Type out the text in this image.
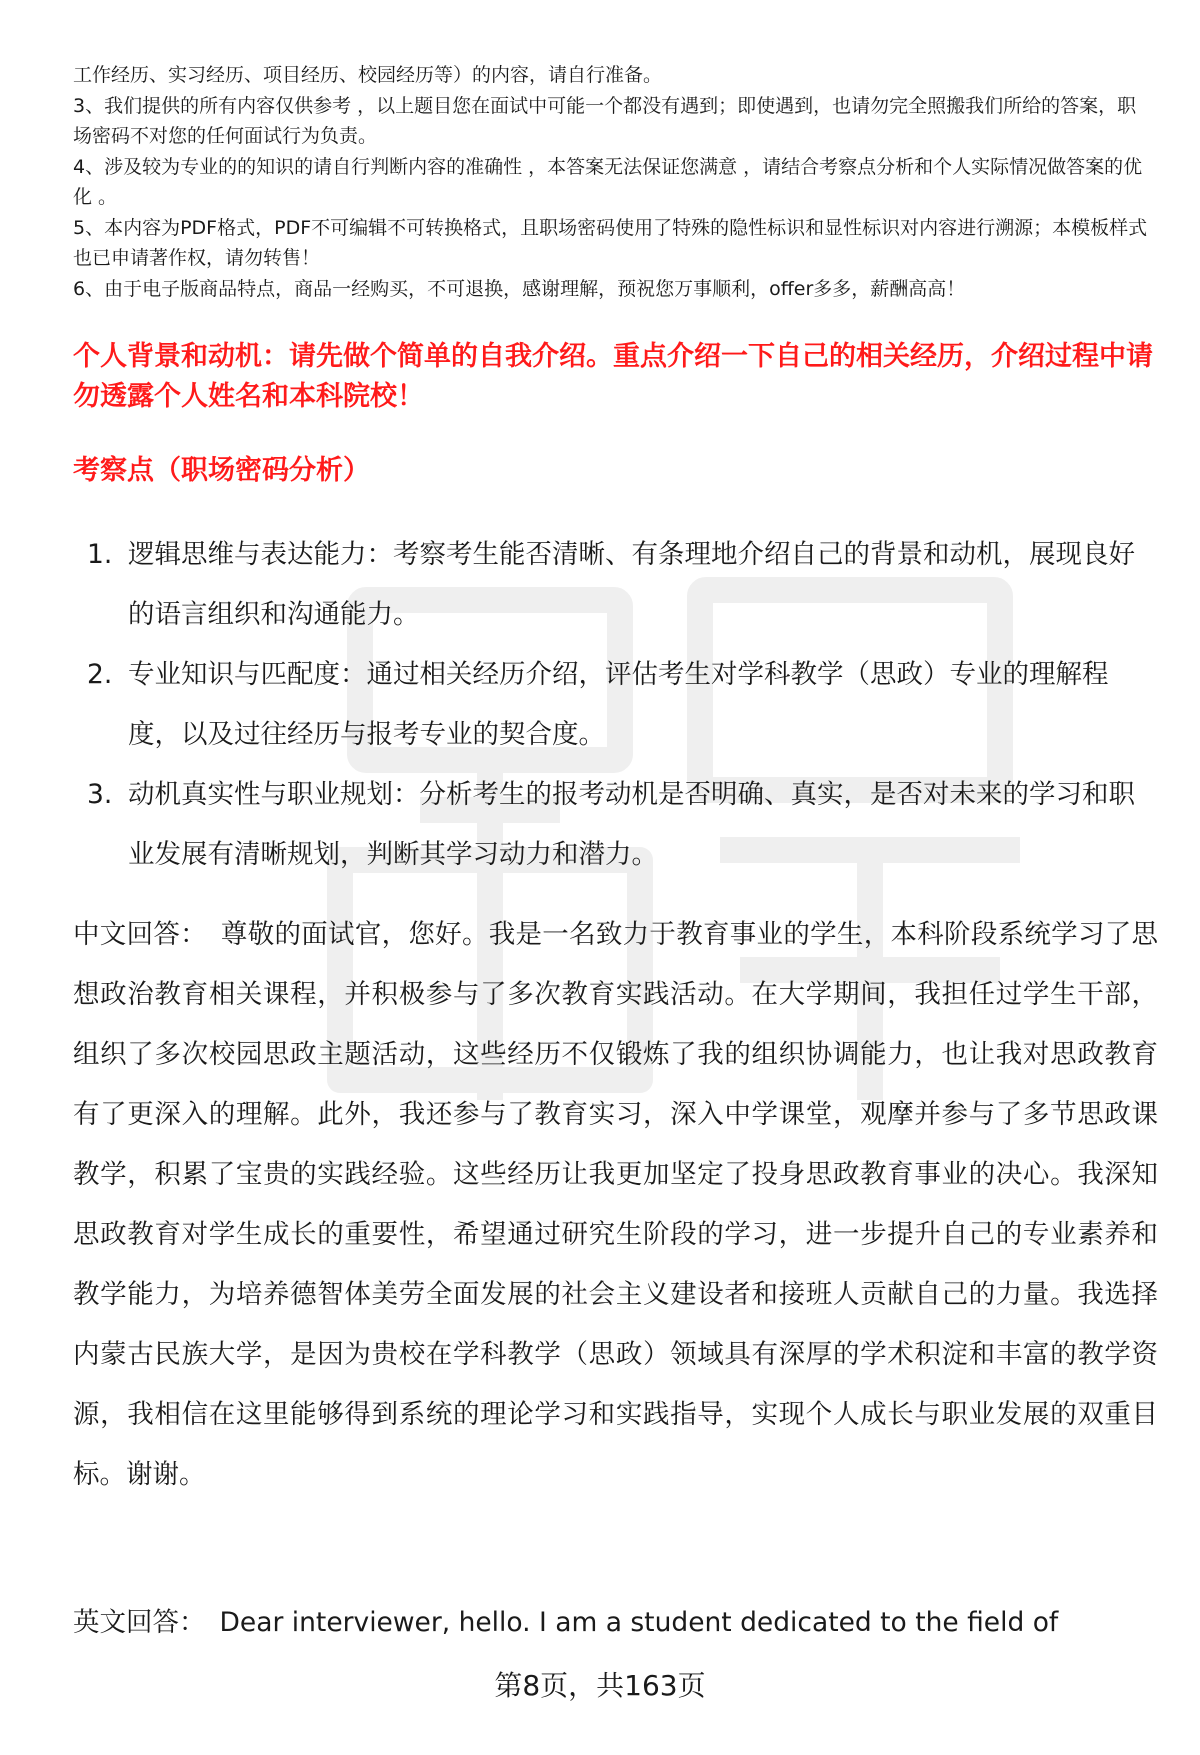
工作经历、实习经历、项目经历、校园经历等）的内容，请自行准备。

3、我们提供的所有内容仅供参考 ，以上题目您在面试中可能一个都没有遇到；即使遇到，也请勿完全照搬我们所给的答案，职场密码不对您的任何面试行为负责。

4、涉及较为专业的的知识的请自行判断内容的准确性 ，本答案无法保证您满意 ，请结合考察点分析和个人实际情况做答案的优化 。

5、本内容为PDF格式，PDF不可编辑不可转换格式，且职场密码使用了特殊的隐性标识和显性标识对内容进行溯源；本模板样式也已申请著作权，请勿转售！

6、由于电子版商品特点，商品一经购买，不可退换，感谢理解，预祝您万事顺利，offer多多，薪酬高高！

个人背景和动机：请先做个简单的自我介绍。重点介绍一下自己的相关经历，介绍过程中请勿透露个人姓名和本科院校！
考察点（职场密码分析）
1. 逻辑思维与表达能力：考察考生能否清晰、有条理地介绍自己的背景和动机，展现良好的语言组织和沟通能力。
2. 专业知识与匹配度：通过相关经历介绍，评估考生对学科教学（思政）专业的理解程度，以及过往经历与报考专业的契合度。
3. 动机真实性与职业规划：分析考生的报考动机是否明确、真实，是否对未来的学习和职业发展有清晰规划，判断其学习动力和潜力。

中文回答： 尊敬的面试官，您好。我是一名致力于教育事业的学生，本科阶段系统学习了思想政治教育相关课程，并积极参与了多次教育实践活动。在大学期间，我担任过学生干部，组织了多次校园思政主题活动，这些经历不仅锻炼了我的组织协调能力，也让我对思政教育有了更深入的理解。此外，我还参与了教育实习，深入中学课堂，观摩并参与了多节思政课教学，积累了宝贵的实践经验。这些经历让我更加坚定了投身思政教育事业的决心。我深知思政教育对学生成长的重要性，希望通过研究生阶段的学习，进一步提升自己的专业素养和教学能力，为培养德智体美劳全面发展的社会主义建设者和接班人贡献自己的力量。我选择内蒙古民族大学，是因为贵校在学科教学（思政）领域具有深厚的学术积淀和丰富的教学资源，我相信在这里能够得到系统的理论学习和实践指导，实现个人成长与职业发展的双重目标。谢谢。

英文回答： Dear interviewer, hello. I am a student dedicated to the field of

第8页，共163页
